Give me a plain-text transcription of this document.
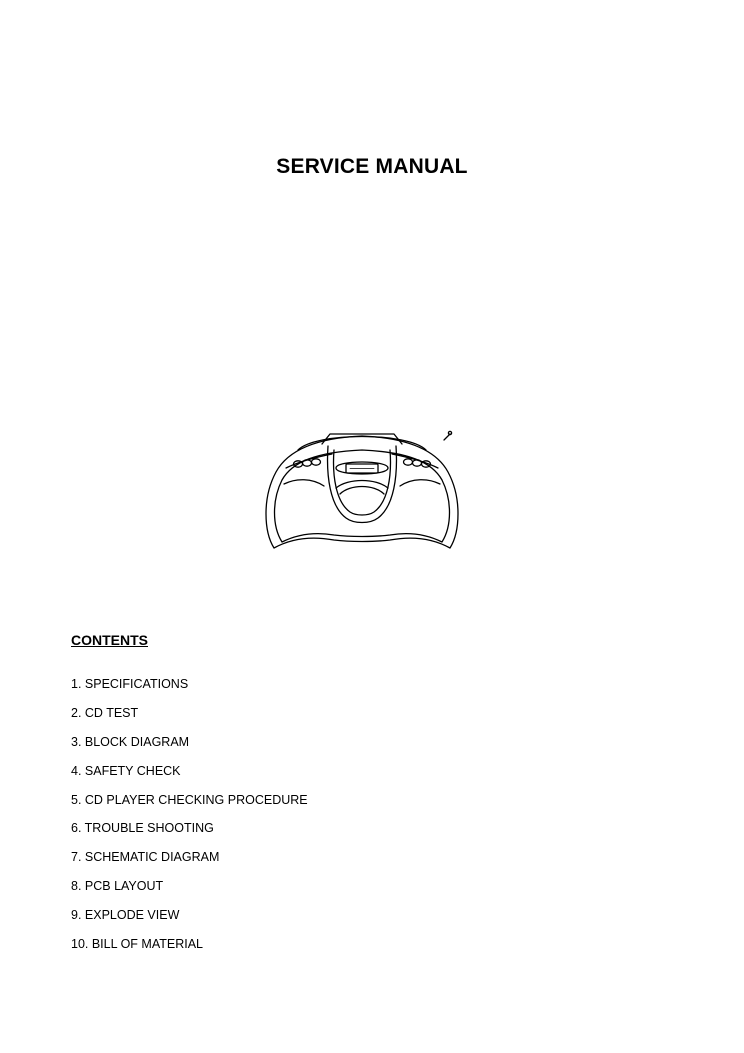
SERVICE MANUAL
CONTENTS
1. SPECIFICATIONS
2. CD TEST
3. BLOCK DIAGRAM
4. SAFETY CHECK
5. CD PLAYER CHECKING PROCEDURE
6. TROUBLE SHOOTING
7. SCHEMATIC DIAGRAM
8. PCB LAYOUT
9. EXPLODE VIEW
10. BILL OF MATERIAL
